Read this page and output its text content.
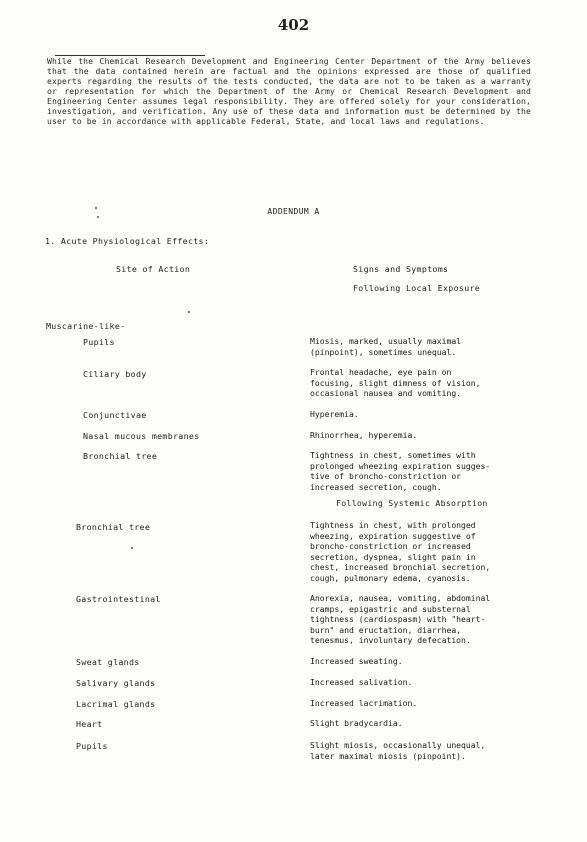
402

While the Chemical Research Development and Engineering Center Department of the Army believes that the data contained herein are factual and the opinions expressed are those of qualified experts regarding the results of the tests conducted, the data are not to be taken as a warranty or representation for which the Department of the Army or Chemical Research Development and Engineering Center assumes legal responsibility. They are offered solely for your consideration, investigation, and verification. Any use of these data and information must be determined by the user to be in accordance with applicable Federal, State, and local laws and regulations.

ADDENDUM A
1. Acute Physiological Effects:
Site of Action	Signs and Symptoms
Following Local Exposure
Muscarine-like-
Pupils	Miosis, marked, usually maximal
(pinpoint), sometimes unequal.
Ciliary body	Frontal headache, eye pain on
focusing, slight dimness of vision,
occasional nausea and vomiting.
Conjunctivae	Hyperemia.
Nasal mucous membranes	Rhinorrhea, hyperemia.
Bronchial tree	Tightness in chest, sometimes with
prolonged wheezing expiration sugges-
tive of broncho-constriction or
increased secretion, cough.
Following Systemic Absorption
Bronchial tree	Tightness in chest, with prolonged
wheezing, expiration suggestive of
broncho-constriction or increased
secretion, dyspnea, slight pain in
chest, increased bronchial secretion,
cough, pulmonary edema, cyanosis.
Gastrointestinal	Anorexia, nausea, vomiting, abdominal
cramps, epigastric and substernal
tightness (cardiospasm) with "heart-
burn" and eructation, diarrhea,
tenesmus, involuntary defecation.
Sweat glands	Increased sweating.
Salivary glands	Increased salivation.
Lacrimal glands	Increased lacrimation.
Heart	Slight bradycardia.
Pupils	Slight miosis, occasionally unequal,
later maximal miosis (pinpoint).
